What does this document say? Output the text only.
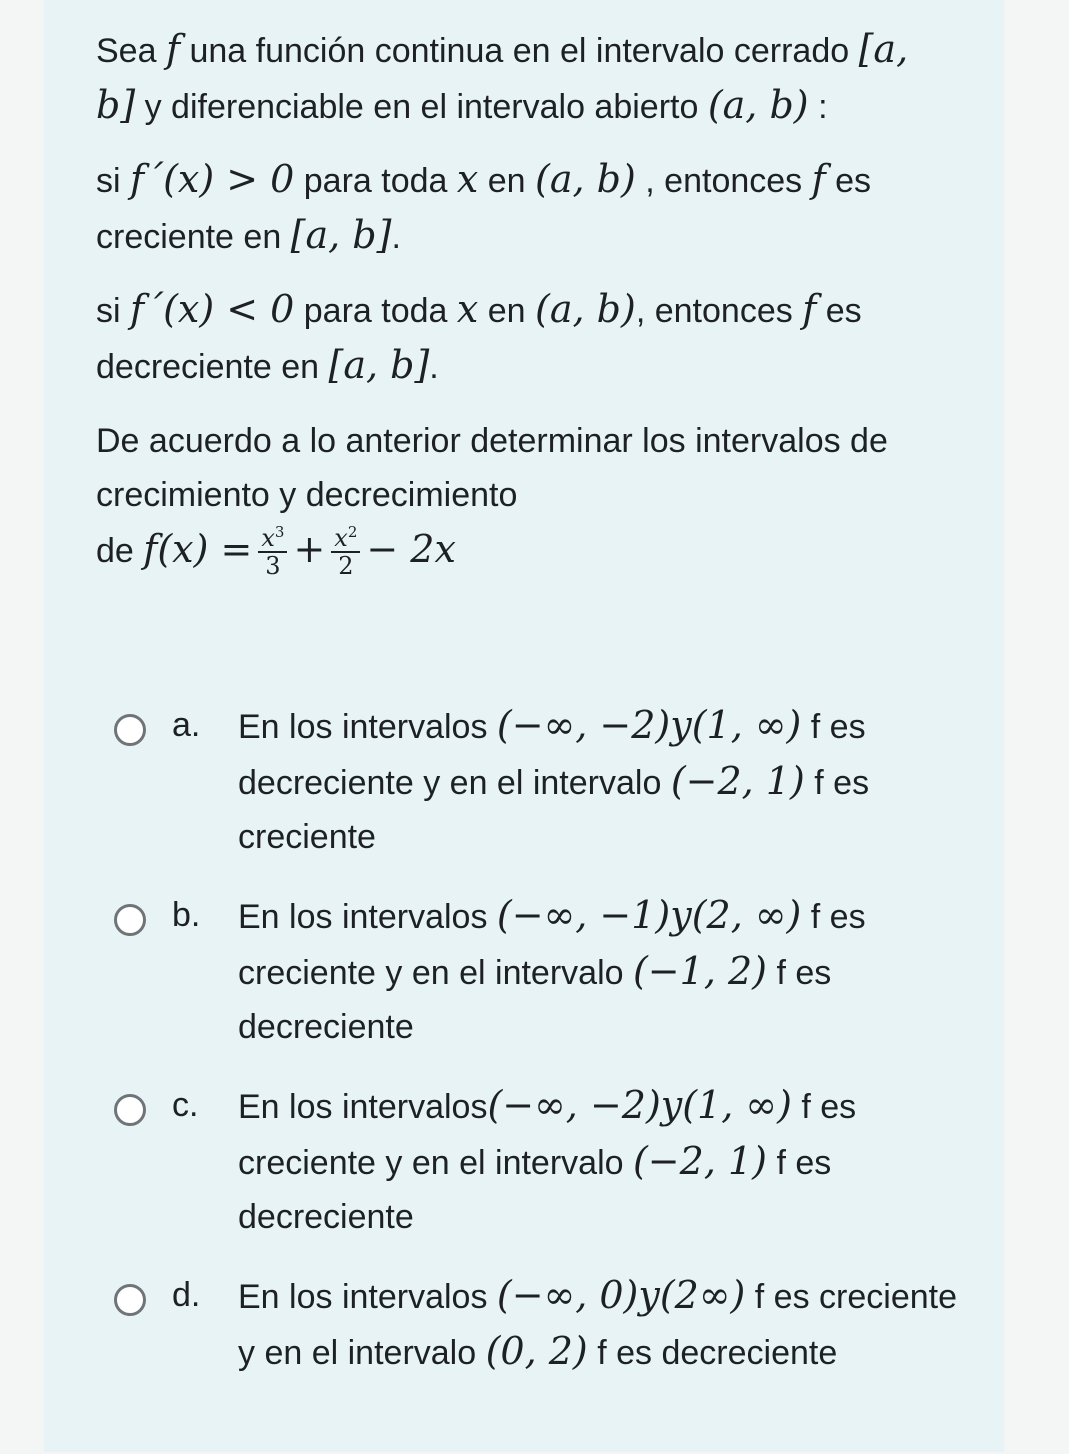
Sea f una función continua en el intervalo cerrado [a, b] y diferenciable en el intervalo abierto (a, b) :

si f´(x) > 0 para toda x en (a, b) , entonces f es creciente en [a, b].

si f´(x) < 0 para toda x en (a, b), entonces f es decreciente en [a, b].

De acuerdo a lo anterior determinar los intervalos de crecimiento y decrecimiento
de $f(x) = \frac{x^3}{3} + \frac{x^2}{2} - 2x$

a. En los intervalos (−∞, −2)y(1, ∞) f es decreciente y en el intervalo (−2, 1) f es creciente
b. En los intervalos (−∞, −1)y(2, ∞) f es creciente y en el intervalo (−1, 2) f es decreciente
c. En los intervalos(−∞, −2)y(1, ∞) f es creciente y en el intervalo (−2, 1) f es decreciente
d. En los intervalos (−∞, 0)y(2∞) f es creciente y en el intervalo (0, 2) f es decreciente
